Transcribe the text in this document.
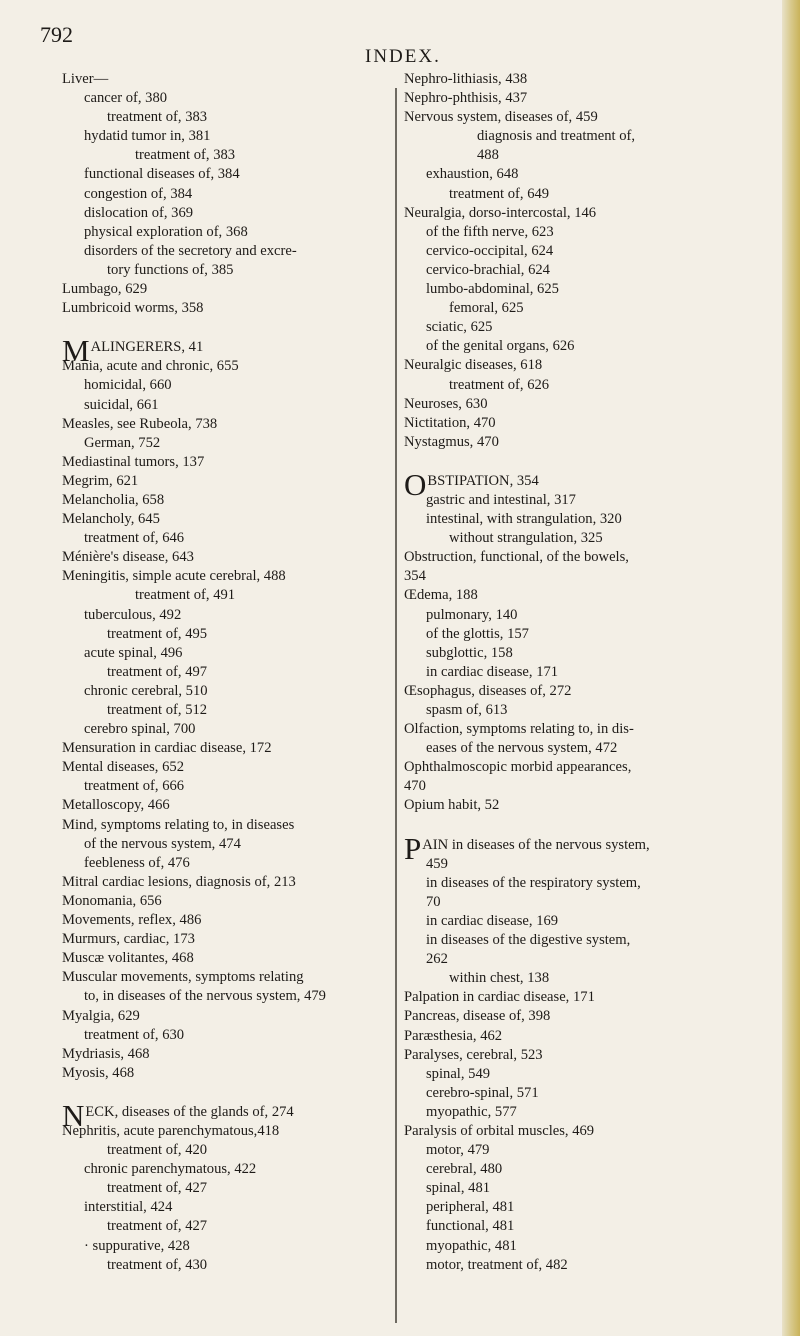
792
INDEX.
Liver—
cancer of, 380
treatment of, 383
hydatid tumor in, 381
treatment of, 383
functional diseases of, 384
congestion of, 384
dislocation of, 369
physical exploration of, 368
disorders of the secretory and excre-
tory functions of, 385
Lumbago, 629
Lumbricoid worms, 358
MALINGERERS, 41
Mania, acute and chronic, 655
homicidal, 660
suicidal, 661
Measles, see Rubeola, 738
German, 752
Mediastinal tumors, 137
Megrim, 621
Melancholia, 658
Melancholy, 645
treatment of, 646
Ménière's disease, 643
Meningitis, simple acute cerebral, 488
treatment of, 491
tuberculous, 492
treatment of, 495
acute spinal, 496
treatment of, 497
chronic cerebral, 510
treatment of, 512
cerebro spinal, 700
Mensuration in cardiac disease, 172
Mental diseases, 652
treatment of, 666
Metalloscopy, 466
Mind, symptoms relating to, in diseases
of the nervous system, 474
feebleness of, 476
Mitral cardiac lesions, diagnosis of, 213
Monomania, 656
Movements, reflex, 486
Murmurs, cardiac, 173
Muscæ volitantes, 468
Muscular movements, symptoms relating
to, in diseases of the nervous system, 479
Myalgia, 629
treatment of, 630
Mydriasis, 468
Myosis, 468
NECK, diseases of the glands of, 274
Nephritis, acute parenchymatous,418
treatment of, 420
chronic parenchymatous, 422
treatment of, 427
interstitial, 424
treatment of, 427
· suppurative, 428
treatment of, 430
Nephro-lithiasis, 438
Nephro-phthisis, 437
Nervous system, diseases of, 459
diagnosis and treatment of,
488
exhaustion, 648
treatment of, 649
Neuralgia, dorso-intercostal, 146
of the fifth nerve, 623
cervico-occipital, 624
cervico-brachial, 624
lumbo-abdominal, 625
femoral, 625
sciatic, 625
of the genital organs, 626
Neuralgic diseases, 618
treatment of, 626
Neuroses, 630
Nictitation, 470
Nystagmus, 470
OBSTIPATION, 354
gastric and intestinal, 317
intestinal, with strangulation, 320
without strangulation, 325
Obstruction, functional, of the bowels,
354
Œdema, 188
pulmonary, 140
of the glottis, 157
subglottic, 158
in cardiac disease, 171
Œsophagus, diseases of, 272
spasm of, 613
Olfaction, symptoms relating to, in dis-
eases of the nervous system, 472
Ophthalmoscopic morbid appearances,
470
Opium habit, 52
PAIN in diseases of the nervous system,
459
in diseases of the respiratory system,
70
in cardiac disease, 169
in diseases of the digestive system,
262
within chest, 138
Palpation in cardiac disease, 171
Pancreas, disease of, 398
Paræsthesia, 462
Paralyses, cerebral, 523
spinal, 549
cerebro-spinal, 571
myopathic, 577
Paralysis of orbital muscles, 469
motor, 479
cerebral, 480
spinal, 481
peripheral, 481
functional, 481
myopathic, 481
motor, treatment of, 482
